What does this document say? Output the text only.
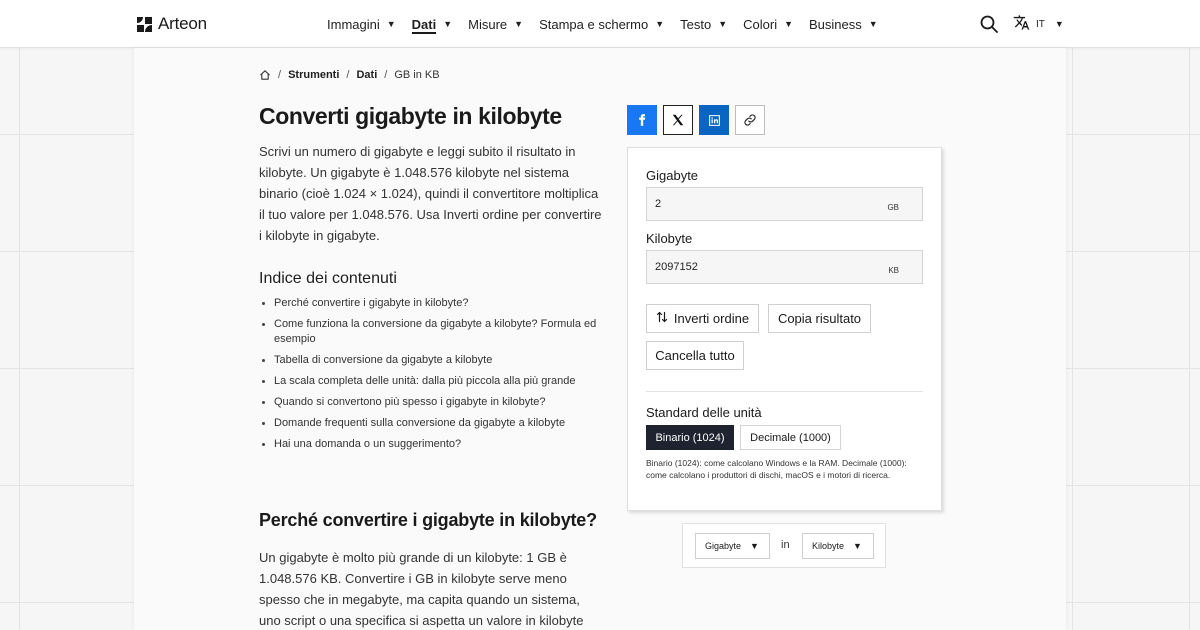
Arteon	Immagini ▼ Dati ▼ Misure ▼ Stampa e schermo ▼ Testo ▼ Colori ▼ Business ▼	IT ▼
/ Strumenti / Dati / GB in KB
Converti gigabyte in kilobyte

Scrivi un numero di gigabyte e leggi subito il risultato in kilobyte. Un gigabyte è 1.048.576 kilobyte nel sistema binario (cioè 1.024 × 1.024), quindi il convertitore moltiplica il tuo valore per 1.048.576. Usa Inverti ordine per convertire i kilobyte in gigabyte.

Indice dei contenuti
Perché convertire i gigabyte in kilobyte?
Come funziona la conversione da gigabyte a kilobyte? Formula ed esempio
Tabella di conversione da gigabyte a kilobyte
La scala completa delle unità: dalla più piccola alla più grande
Quando si convertono più spesso i gigabyte in kilobyte?
Domande frequenti sulla conversione da gigabyte a kilobyte
Hai una domanda o un suggerimento?
Perché convertire i gigabyte in kilobyte?

Un gigabyte è molto più grande di un kilobyte: 1 GB è 1.048.576 KB. Convertire i GB in kilobyte serve meno spesso che in megabyte, ma capita quando un sistema, uno script o una specifica si aspetta un valore in kilobyte

Gigabyte
2
GB
Kilobyte
2097152
KB
Inverti ordine	Copia risultato
Cancella tutto
Standard delle unità
Binario (1024)	Decimale (1000)

Binario (1024): come calcolano Windows e la RAM. Decimale (1000): come calcolano i produttori di dischi, macOS e i motori di ricerca.

Gigabyte ▼ in Kilobyte ▼
